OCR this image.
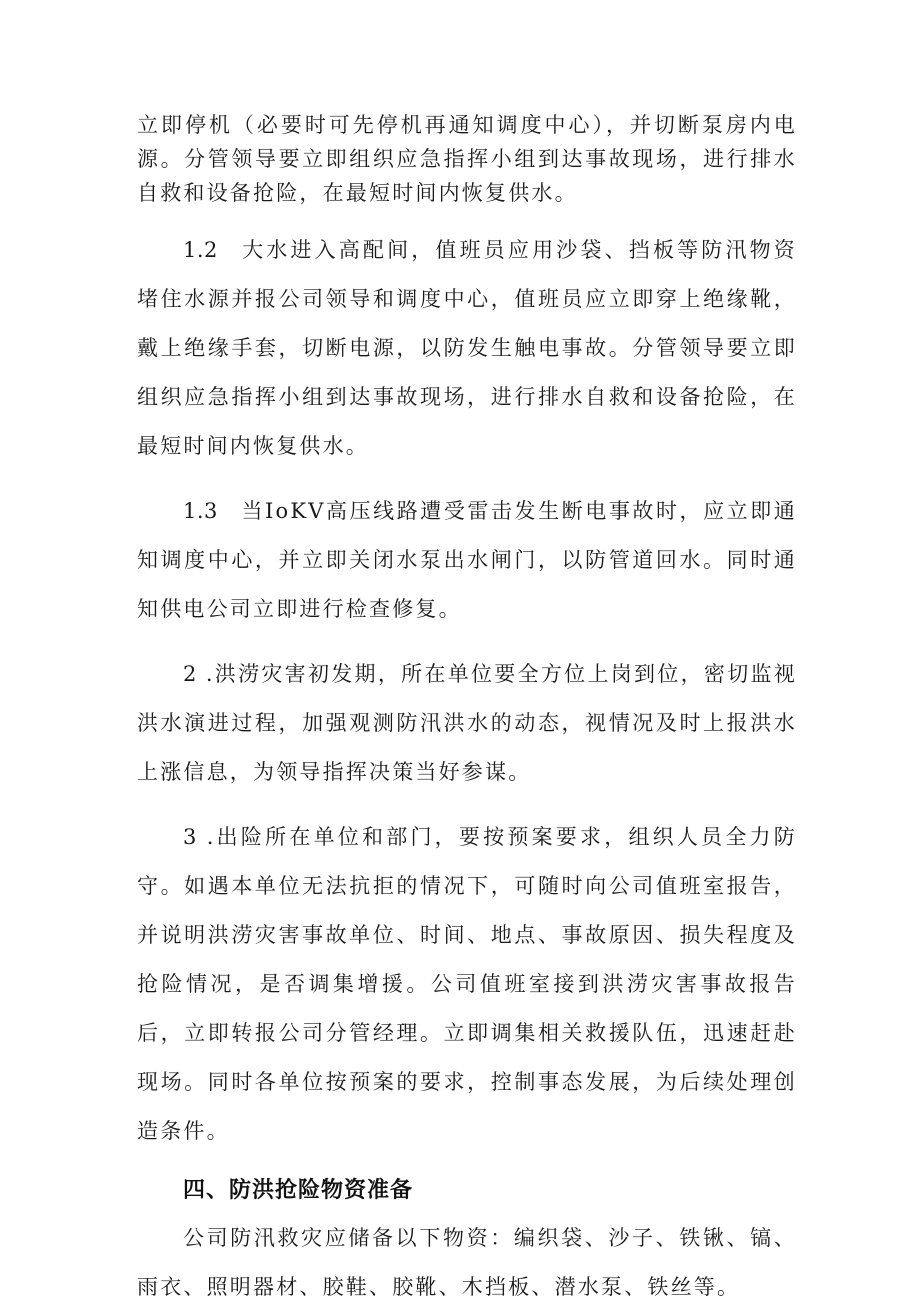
立即停机（必要时可先停机再通知调度中心），并切断泵房内电源。分管领导要立即组织应急指挥小组到达事故现场，进行排水自救和设备抢险，在最短时间内恢复供水。

1.2  大水进入高配间，值班员应用沙袋、挡板等防汛物资堵住水源并报公司领导和调度中心，值班员应立即穿上绝缘靴，戴上绝缘手套，切断电源，以防发生触电事故。分管领导要立即组织应急指挥小组到达事故现场，进行排水自救和设备抢险，在最短时间内恢复供水。

1.3  当IoKV高压线路遭受雷击发生断电事故时，应立即通知调度中心，并立即关闭水泵出水闸门，以防管道回水。同时通知供电公司立即进行检查修复。

2 .洪涝灾害初发期，所在单位要全方位上岗到位，密切监视洪水演进过程，加强观测防汛洪水的动态，视情况及时上报洪水上涨信息，为领导指挥决策当好参谋。

3 .出险所在单位和部门，要按预案要求，组织人员全力防守。如遇本单位无法抗拒的情况下，可随时向公司值班室报告，并说明洪涝灾害事故单位、时间、地点、事故原因、损失程度及抢险情况，是否调集增援。公司值班室接到洪涝灾害事故报告后，立即转报公司分管经理。立即调集相关救援队伍，迅速赶赴现场。同时各单位按预案的要求，控制事态发展，为后续处理创造条件。

四、防洪抢险物资准备

公司防汛救灾应储备以下物资：编织袋、沙子、铁锹、镐、雨衣、照明器材、胶鞋、胶靴、木挡板、潜水泵、铁丝等。
